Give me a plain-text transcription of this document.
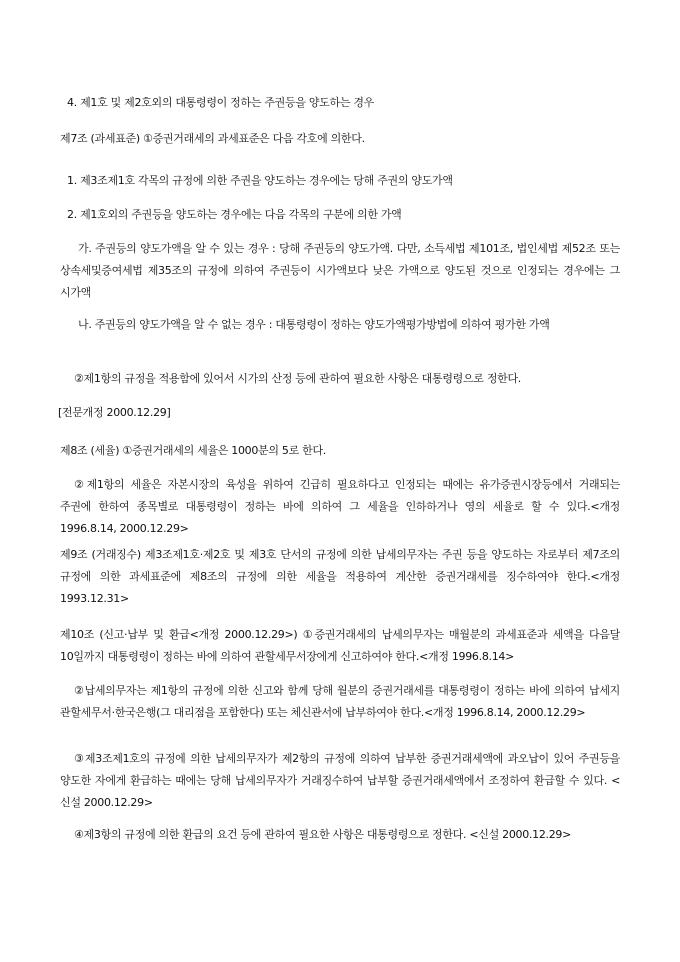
4. 제1호 및 제2호외의 대통령령이 정하는 주권등을 양도하는 경우
제7조 (과세표준) ①증권거래세의 과세표준은 다음 각호에 의한다.
1. 제3조제1호 각목의 규정에 의한 주권을 양도하는 경우에는 당해 주권의 양도가액
2. 제1호외의 주권등을 양도하는 경우에는 다음 각목의 구분에 의한 가액
가. 주권등의 양도가액을 알 수 있는 경우 : 당해 주권등의 양도가액. 다만, 소득세법 제101조, 법인세법 제52조 또는 상속세및증여세법 제35조의 규정에 의하여 주권등이 시가액보다 낮은 가액으로 양도된 것으로 인정되는 경우에는 그 시가액
나. 주권등의 양도가액을 알 수 없는 경우 : 대통령령이 정하는 양도가액평가방법에 의하여 평가한 가액
②제1항의 규정을 적용함에 있어서 시가의 산정 등에 관하여 필요한 사항은 대통령령으로 정한다.
[전문개정 2000.12.29]
제8조 (세율) ①증권거래세의 세율은 1000분의 5로 한다.
②제1항의 세율은 자본시장의 육성을 위하여 긴급히 필요하다고 인정되는 때에는 유가증권시장등에서 거래되는 주권에 한하여 종목별로 대통령령이 정하는 바에 의하여 그 세율을 인하하거나 영의 세율로 할 수 있다.<개정 1996.8.14, 2000.12.29>
제9조 (거래징수) 제3조제1호·제2호 및 제3호 단서의 규정에 의한 납세의무자는 주권 등을 양도하는 자로부터 제7조의 규정에 의한 과세표준에 제8조의 규정에 의한 세율을 적용하여 계산한 증권거래세를 징수하여야 한다.<개정 1993.12.31>
제10조 (신고·납부 및 환급<개정 2000.12.29>) ①증권거래세의 납세의무자는 매월분의 과세표준과 세액을 다음달 10일까지 대통령령이 정하는 바에 의하여 관할세무서장에게 신고하여야 한다.<개정 1996.8.14>
②납세의무자는 제1항의 규정에 의한 신고와 함께 당해 월분의 증권거래세를 대통령령이 정하는 바에 의하여 납세지 관할세무서·한국은행(그 대리점을 포함한다) 또는 체신관서에 납부하여야 한다.<개정 1996.8.14, 2000.12.29>
③제3조제1호의 규정에 의한 납세의무자가 제2항의 규정에 의하여 납부한 증권거래세액에 과오납이 있어 주권등을 양도한 자에게 환급하는 때에는 당해 납세의무자가 거래징수하여 납부할 증권거래세액에서 조정하여 환급할 수 있다. <신설 2000.12.29>
④제3항의 규정에 의한 환급의 요건 등에 관하여 필요한 사항은 대통령령으로 정한다. <신설 2000.12.29>
